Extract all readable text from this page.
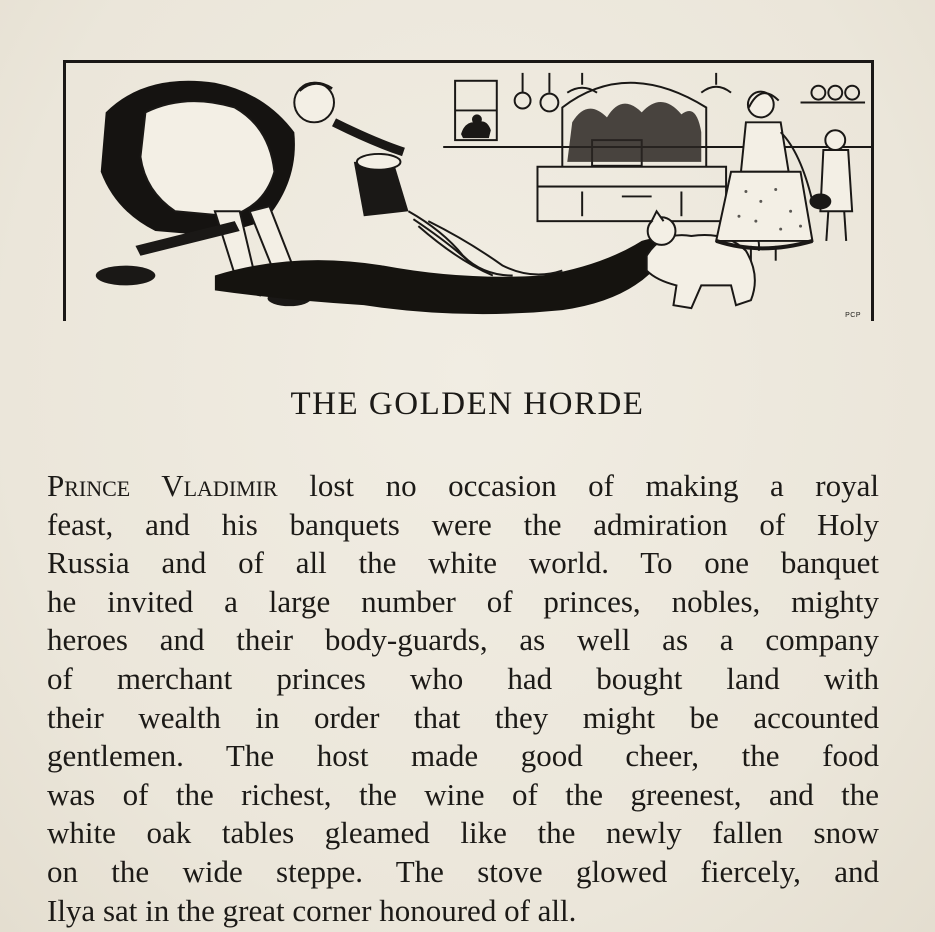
PCP
THE GOLDEN HORDE
Prince Vladimir lost no occasion of making a royal
feast, and his banquets were the admiration of Holy
Russia and of all the white world. To one banquet
he invited a large number of princes, nobles, mighty
heroes and their body-guards, as well as a company
of merchant princes who had bought land with
their wealth in order that they might be accounted
gentlemen. The host made good cheer, the food
was of the richest, the wine of the greenest, and the
white oak tables gleamed like the newly fallen snow
on the wide steppe. The stove glowed fiercely, and
Ilya sat in the great corner honoured of all.
